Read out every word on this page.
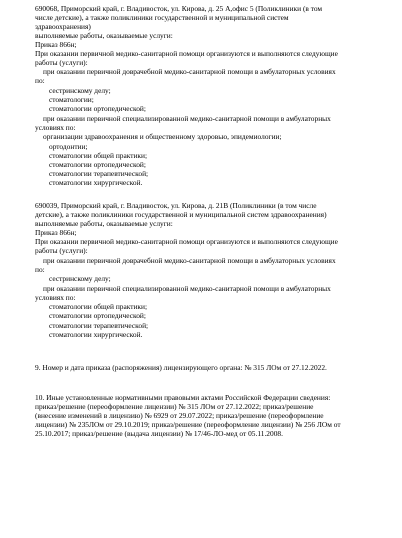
690068, Приморский край, г. Владивосток, ул. Кирова, д. 25 А,офис 5 (Поликлиники (в том
числе детские), а также поликлиники государственной и муниципальной систем
здравоохранения)
выполняемые работы, оказываемые услуги:
Приказ 866н;
При оказании первичной медико-санитарной помощи организуются и выполняются следующие
работы (услуги):
при оказании первичной доврачебной медико-санитарной помощи в амбулаторных условиях
по:
сестринскому делу;
стоматологии;
стоматологии ортопедической;
при оказании первичной специализированной медико-санитарной помощи в амбулаторных
условиях по:
организации здравоохранения и общественному здоровью, эпидемиологии;
ортодонтии;
стоматологии общей практики;
стоматологии ортопедической;
стоматологии терапевтической;
стоматологии хирургической.
690039, Приморский край, г. Владивосток, ул. Кирова, д. 21В (Поликлиники (в том числе
детские), а также поликлиники государственной и муниципальной систем здравоохранения)
выполняемые работы, оказываемые услуги:
Приказ 866н;
При оказании первичной медико-санитарной помощи организуются и выполняются следующие
работы (услуги):
при оказании первичной доврачебной медико-санитарной помощи в амбулаторных условиях
по:
сестринскому делу;
при оказании первичной специализированной медико-санитарной помощи в амбулаторных
условиях по:
стоматологии общей практики;
стоматологии ортопедической;
стоматологии терапевтической;
стоматологии хирургической.
9. Номер и дата приказа (распоряжения) лицензирующего органа: № 315 ЛОм от 27.12.2022.
10. Иные установленные нормативными правовыми актами Российской Федерации сведения:
приказ/решение (переоформление лицензии) № 315 ЛОм от 27.12.2022; приказ/решение
(внесение изменений в лицензию) № 6929 от 29.07.2022; приказ/решение (переоформление
лицензии) № 235ЛОм от 29.10.2019; приказ/решение (переоформление лицензии) № 256 ЛОм от
25.10.2017; приказ/решение (выдача лицензии) № 17/46-ЛО-мед от 05.11.2008.
